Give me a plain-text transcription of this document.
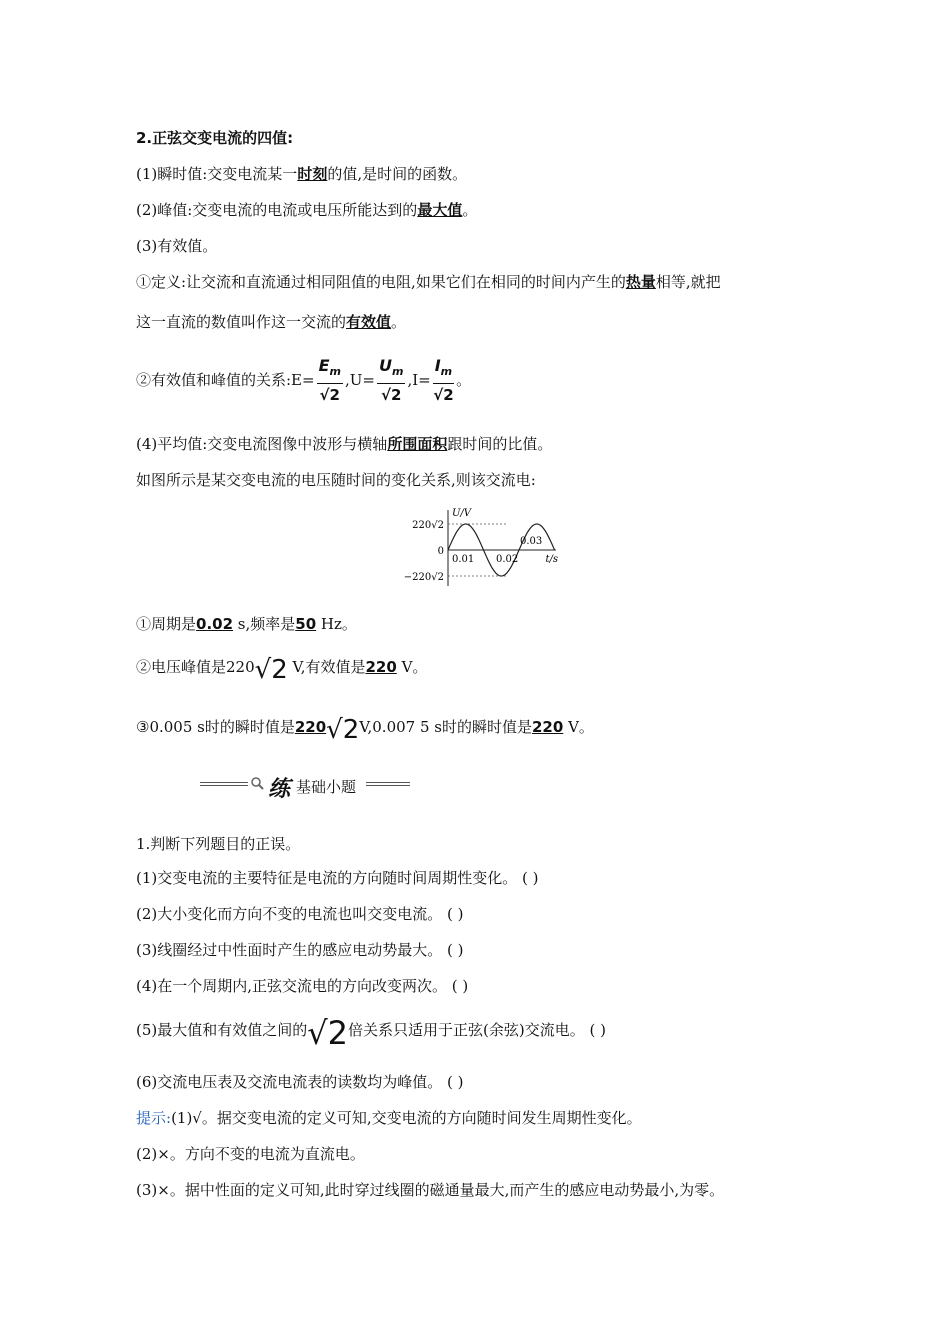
2.正弦交变电流的四值:
(1)瞬时值:交变电流某一时刻的值,是时间的函数。
(2)峰值:交变电流的电流或电压所能达到的最大值。
(3)有效值。
①定义:让交流和直流通过相同阻值的电阻,如果它们在相同的时间内产生的热量相等,就把
这一直流的数值叫作这一交流的有效值。
②有效值和峰值的关系:E= $\frac{E_m}{√2} ,U= \frac{U_m}{√2} ,I= \frac{I_m}{√2}$ 。
(4)平均值:交变电流图像中波形与横轴所围面积跟时间的比值。
如图所示是某交变电流的电压随时间的变化关系,则该交流电:
U/V
t/s
220√2
0
−220√2
0.01 0.02
0.03
①周期是0.02 s,频率是50 Hz。
②电压峰值是220√2 V,有效值是220 V。
③0.005 s时的瞬时值是220√2V,0.007 5 s时的瞬时值是220 V。
练 基础小题
1.判断下列题目的正误。
(1)交变电流的主要特征是电流的方向随时间周期性变化。 ( )
(2)大小变化而方向不变的电流也叫交变电流。 ( )
(3)线圈经过中性面时产生的感应电动势最大。 ( )
(4)在一个周期内,正弦交流电的方向改变两次。 ( )
(5)最大值和有效值之间的√2倍关系只适用于正弦(余弦)交流电。 ( )
(6)交流电压表及交流电流表的读数均为峰值。 ( )
提示:(1)√。据交变电流的定义可知,交变电流的方向随时间发生周期性变化。
(2)×。方向不变的电流为直流电。
(3)×。据中性面的定义可知,此时穿过线圈的磁通量最大,而产生的感应电动势最小,为零。
